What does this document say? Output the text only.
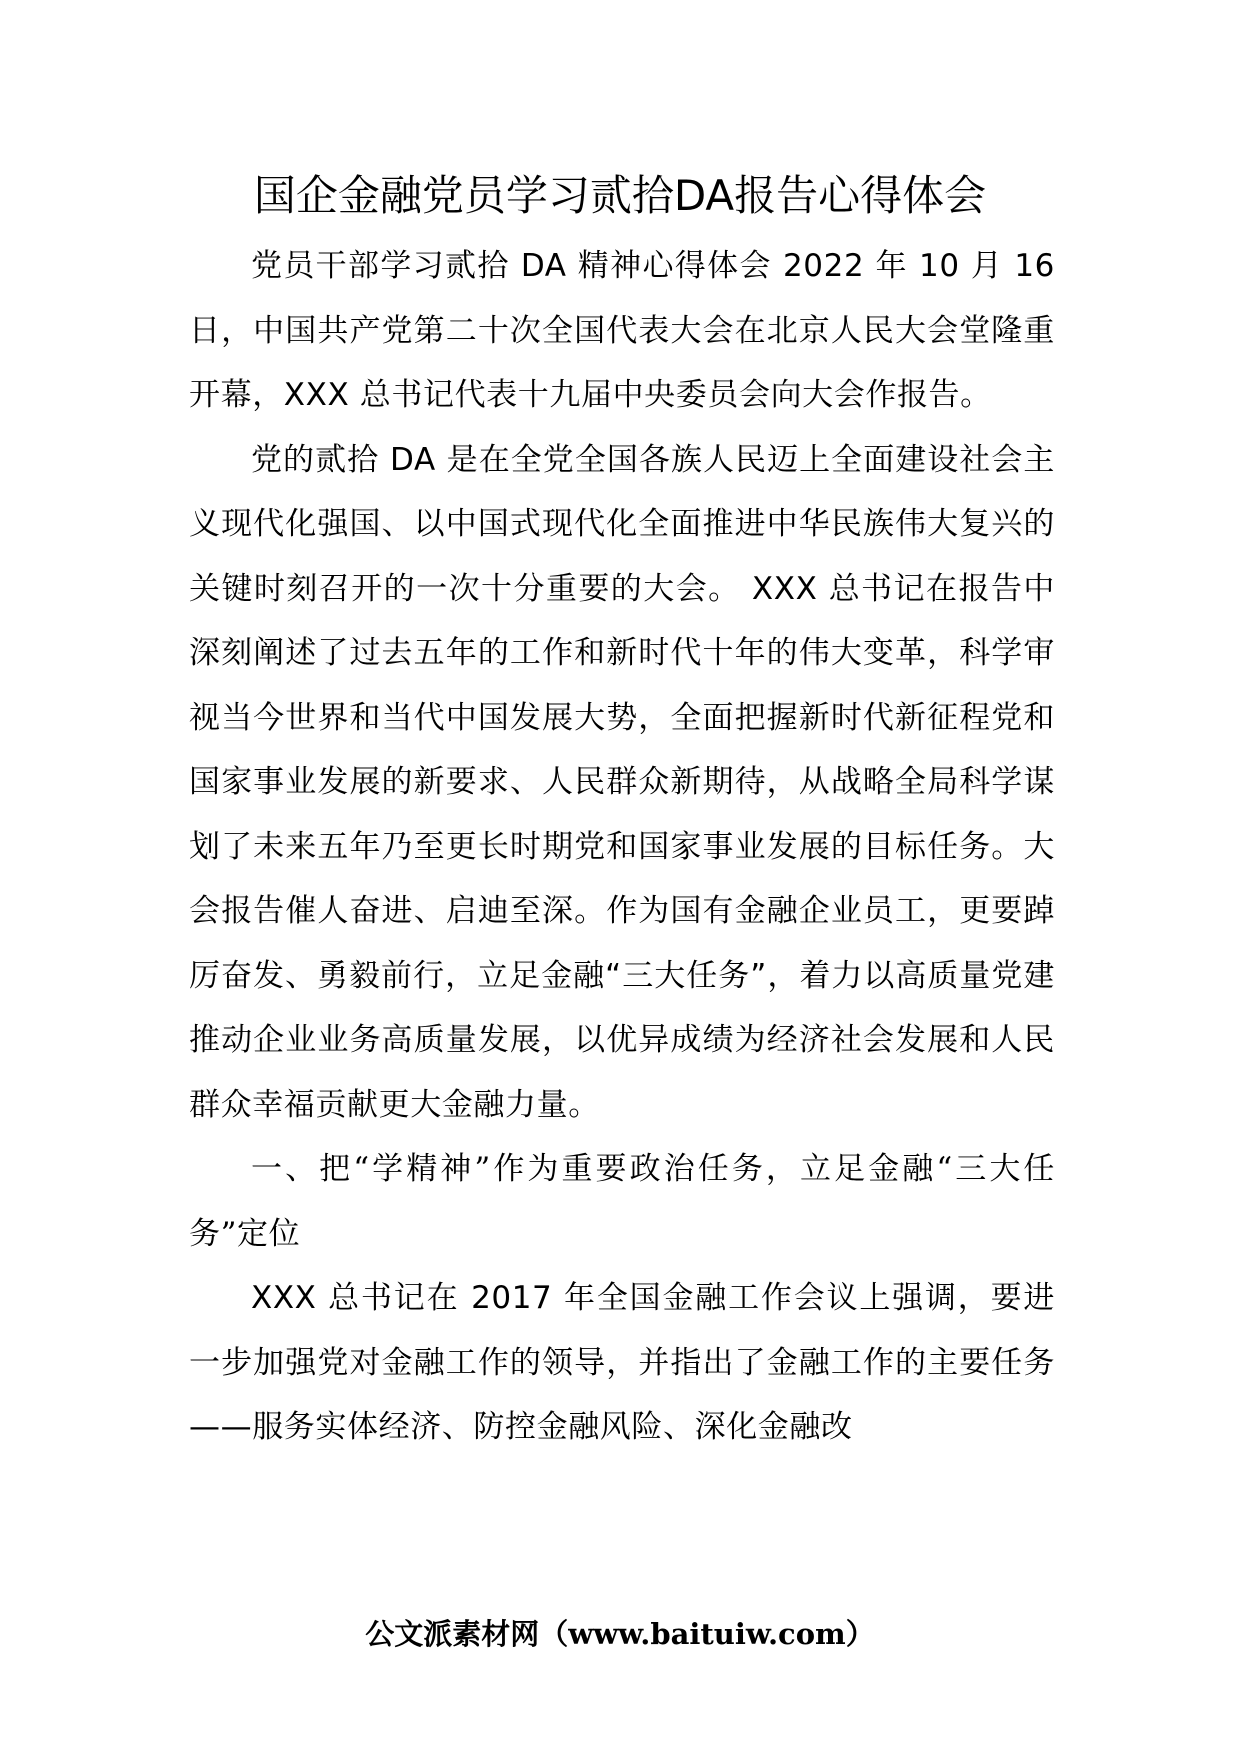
国企金融党员学习贰拾DA报告心得体会

党员干部学习贰拾 DA 精神心得体会 2022 年 10 月 16 日，中国共产党第二十次全国代表大会在北京人民大会堂隆重开幕，XXX 总书记代表十九届中央委员会向大会作报告。

党的贰拾 DA 是在全党全国各族人民迈上全面建设社会主义现代化强国、以中国式现代化全面推进中华民族伟大复兴的关键时刻召开的一次十分重要的大会。 XXX 总书记在报告中深刻阐述了过去五年的工作和新时代十年的伟大变革，科学审视当今世界和当代中国发展大势，全面把握新时代新征程党和国家事业发展的新要求、人民群众新期待，从战略全局科学谋划了未来五年乃至更长时期党和国家事业发展的目标任务。大会报告催人奋进、启迪至深。作为国有金融企业员工，更要踔厉奋发、勇毅前行，立足金融“三大任务”，着力以高质量党建推动企业业务高质量发展，以优异成绩为经济社会发展和人民群众幸福贡献更大金融力量。

一、把“学精神”作为重要政治任务，立足金融“三大任务”定位

XXX 总书记在 2017 年全国金融工作会议上强调，要进一步加强党对金融工作的领导，并指出了金融工作的主要任务——服务实体经济、防控金融风险、深化金融改

公文派素材网（www.baituiw.com）
